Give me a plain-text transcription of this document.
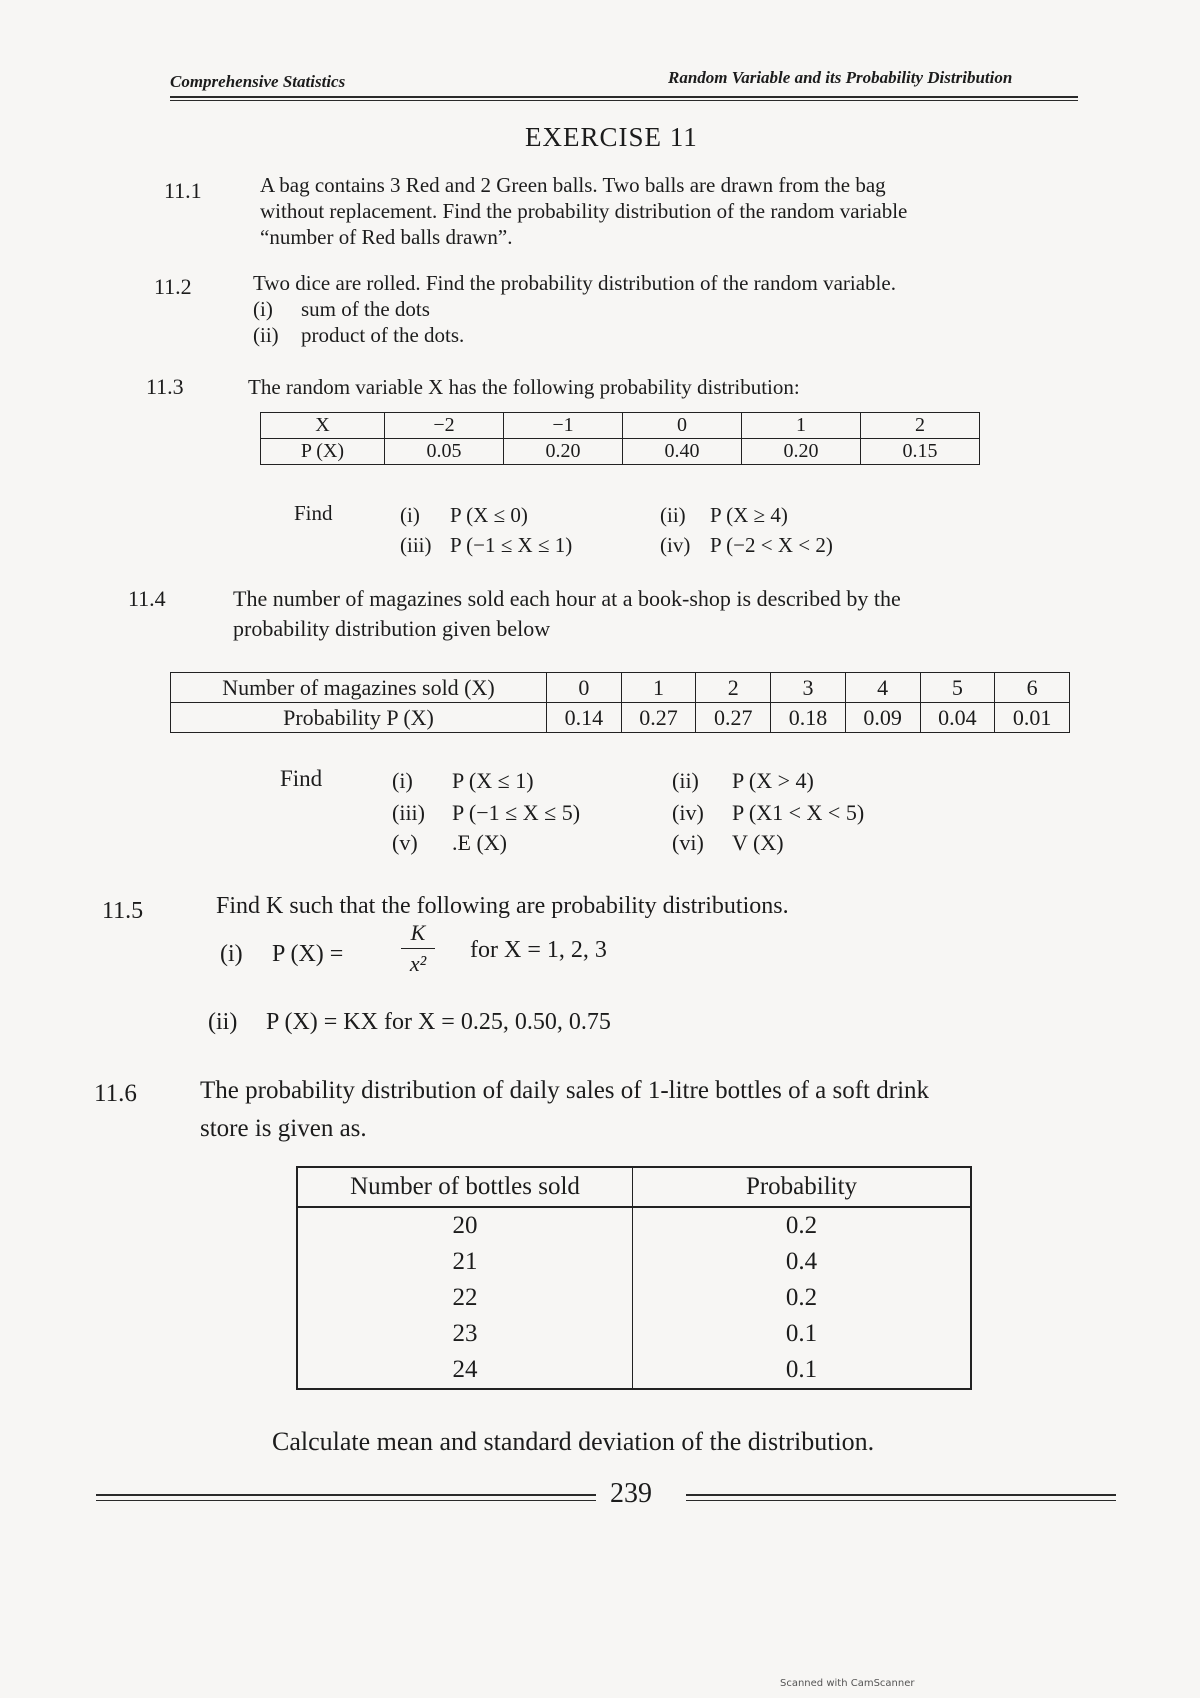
Comprehensive Statistics	Random Variable and its Probability Distribution
EXERCISE 11
11.1	A bag contains 3 Red and 2 Green balls. Two balls are drawn from the bag
without replacement. Find the probability distribution of the random variable
“number of Red balls drawn”.
11.2	Two dice are rolled. Find the probability distribution of the random variable.
(i) sum of the dots
(ii) product of the dots.
11.3	The random variable X has the following probability distribution:
X	−2	−1	0	1	2
P (X)	0.05	0.20	0.40	0.20	0.15
Find	(i) P (X ≤ 0)	(ii) P (X ≥ 4)
(iii) P (−1 ≤ X ≤ 1)	(iv) P (−2 < X < 2)
11.4	The number of magazines sold each hour at a book-shop is described by the
probability distribution given below
Number of magazines sold (X)	0	1	2	3	4	5	6
Probability P (X)	0.14	0.27	0.27	0.18	0.09	0.04	0.01
Find	(i) P (X ≤ 1)	(ii) P (X > 4)
(iii) P (−1 ≤ X ≤ 5)	(iv) P (X1 < X < 5)
(v) .E (X)	(vi) V (X)
11.5	Find K such that the following are probability distributions.
(i) P (X) =
K
x²
for X = 1, 2, 3
(ii) P (X) = KX for X = 0.25, 0.50, 0.75
11.6	The probability distribution of daily sales of 1-litre bottles of a soft drink
store is given as.
Number of bottles sold	Probability
20	0.2
21	0.4
22	0.2
23	0.1
24	0.1
Calculate mean and standard deviation of the distribution.
239
Scanned with CamScanner
